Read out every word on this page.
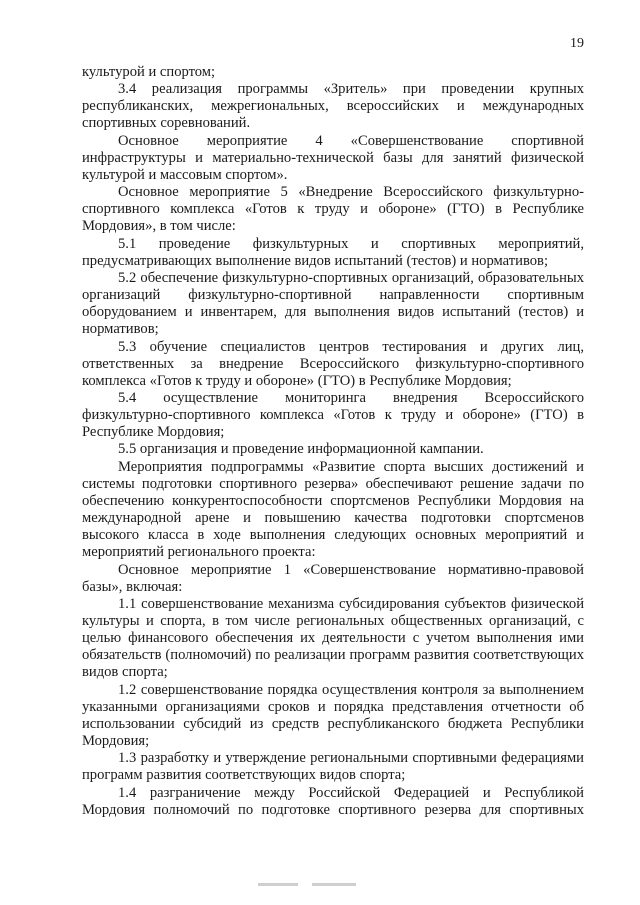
19

культурой и спортом;

3.4 реализация программы «Зритель» при проведении крупных республиканских, межрегиональных, всероссийских и международных спортивных соревнований.

Основное мероприятие 4 «Совершенствование спортивной инфраструктуры и материально-технической базы для занятий физической культурой и массовым спортом».

Основное мероприятие 5 «Внедрение Всероссийского физкультурно-спортивного комплекса «Готов к труду и обороне» (ГТО) в Республике Мордовия», в том числе:

5.1 проведение физкультурных и спортивных мероприятий, предусматривающих выполнение видов испытаний (тестов) и нормативов;

5.2 обеспечение физкультурно-спортивных организаций, образовательных организаций физкультурно-спортивной направленности спортивным оборудованием и инвентарем, для выполнения видов испытаний (тестов) и нормативов;

5.3 обучение специалистов центров тестирования и других лиц, ответственных за внедрение Всероссийского физкультурно-спортивного комплекса «Готов к труду и обороне» (ГТО) в Республике Мордовия;

5.4 осуществление мониторинга внедрения Всероссийского физкультурно-спортивного комплекса «Готов к труду и обороне» (ГТО) в Республике Мордовия;

5.5 организация и проведение информационной кампании.

Мероприятия подпрограммы «Развитие спорта высших достижений и системы подготовки спортивного резерва» обеспечивают решение задачи по обеспечению конкурентоспособности спортсменов Республики Мордовия на международной арене и повышению качества подготовки спортсменов высокого класса в ходе выполнения следующих основных мероприятий и мероприятий регионального проекта:

Основное мероприятие 1 «Совершенствование нормативно-правовой базы», включая:

1.1 совершенствование механизма субсидирования субъектов физической культуры и спорта, в том числе региональных общественных организаций, с целью финансового обеспечения их деятельности с учетом выполнения ими обязательств (полномочий) по реализации программ развития соответствующих видов спорта;

1.2 совершенствование порядка осуществления контроля за выполнением указанными организациями сроков и порядка представления отчетности об использовании субсидий из средств республиканского бюджета Республики Мордовия;

1.3 разработку и утверждение региональными спортивными федерациями программ развития соответствующих видов спорта;

1.4 разграничение между Российской Федерацией и Республикой Мордовия полномочий по подготовке спортивного резерва для спортивных
